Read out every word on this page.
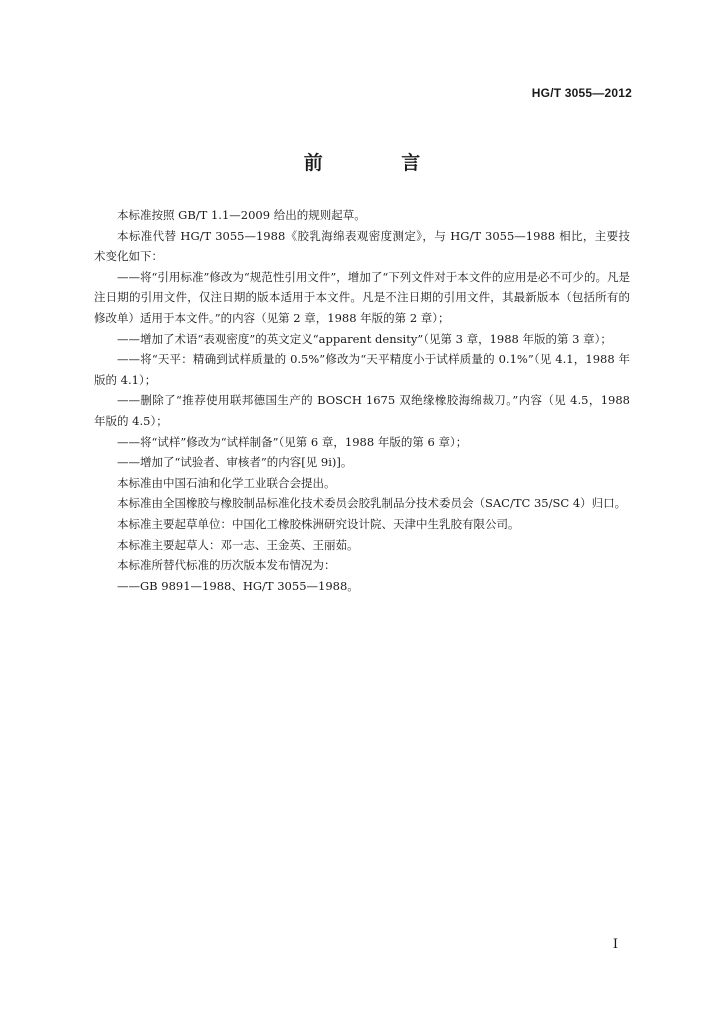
HG/T 3055—2012
前 言

本标准按照 GB/T 1.1—2009 给出的规则起草。

本标准代替 HG/T 3055—1988《胶乳海绵表观密度测定》，与 HG/T 3055—1988 相比，主要技术变化如下：

——将“引用标准”修改为“规范性引用文件”，增加了“下列文件对于本文件的应用是必不可少的。凡是注日期的引用文件，仅注日期的版本适用于本文件。凡是不注日期的引用文件，其最新版本（包括所有的修改单）适用于本文件。”的内容（见第 2 章，1988 年版的第 2 章）；

——增加了术语“表观密度”的英文定义“apparent density”（见第 3 章，1988 年版的第 3 章）；

——将“天平：精确到试样质量的 0.5%”修改为“天平精度小于试样质量的 0.1%”（见 4.1，1988 年版的 4.1）；

——删除了“推荐使用联邦德国生产的 BOSCH 1675 双绝缘橡胶海绵裁刀。”内容（见 4.5，1988 年版的 4.5）；

——将“试样”修改为“试样制备”（见第 6 章，1988 年版的第 6 章）；

——增加了“试验者、审核者”的内容[见 9i)]。

本标准由中国石油和化学工业联合会提出。

本标准由全国橡胶与橡胶制品标准化技术委员会胶乳制品分技术委员会（SAC/TC 35/SC 4）归口。

本标准主要起草单位：中国化工橡胶株洲研究设计院、天津中生乳胶有限公司。

本标准主要起草人：邓一志、王金英、王丽茹。

本标准所替代标准的历次版本发布情况为：

——GB 9891—1988、HG/T 3055—1988。

I
